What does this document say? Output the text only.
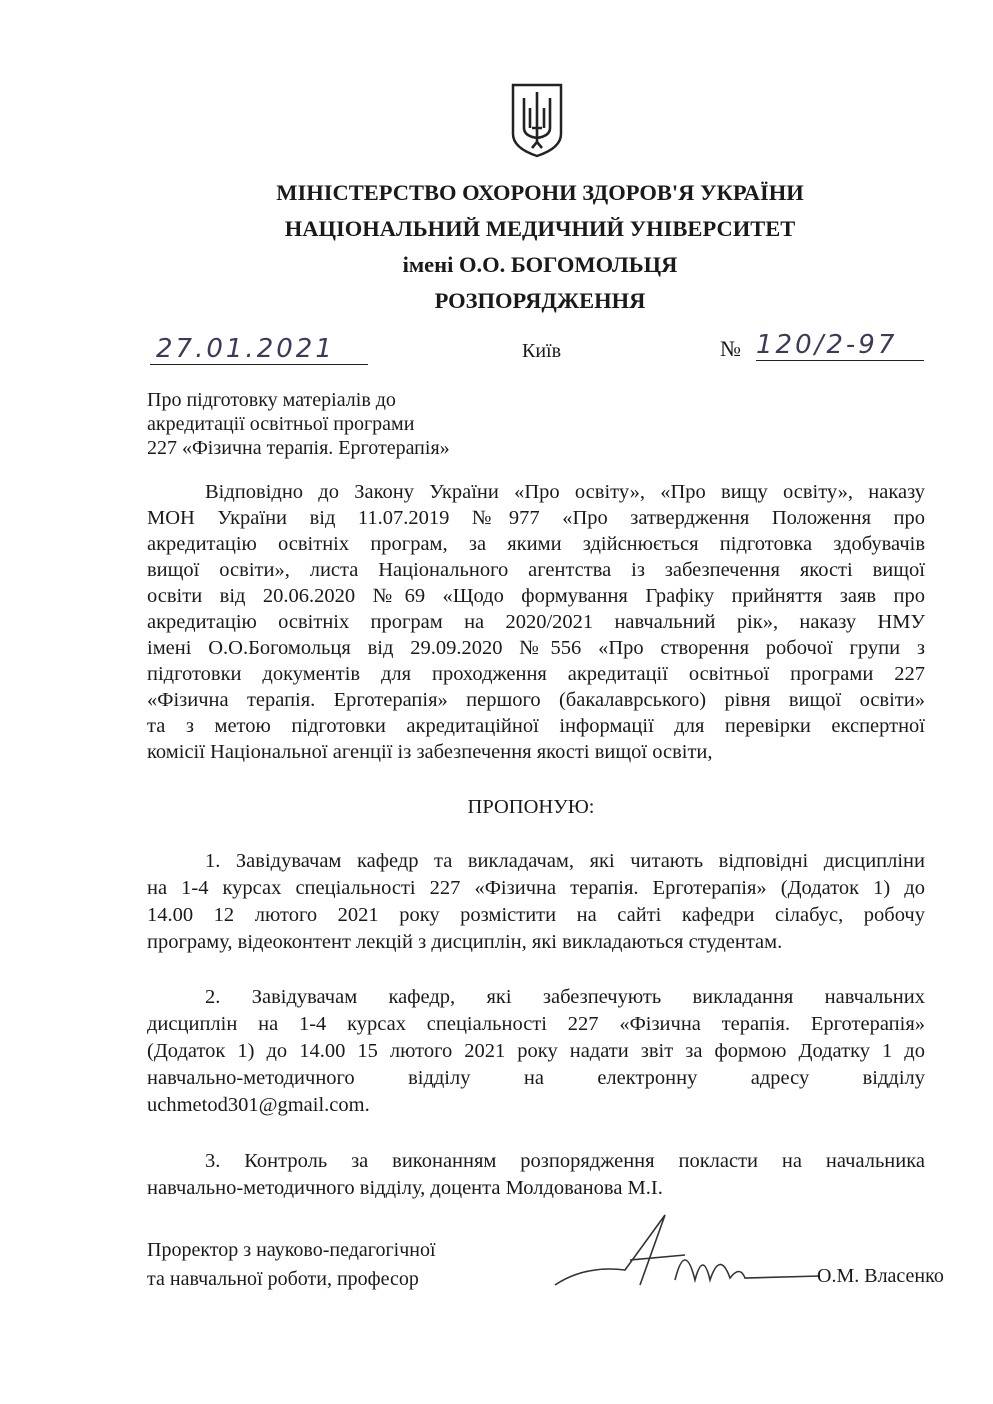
МІНІСТЕРСТВО ОХОРОНИ ЗДОРОВ'Я УКРАЇНИ
НАЦІОНАЛЬНИЙ МЕДИЧНИЙ УНІВЕРСИТЕТ
імені О.О. БОГОМОЛЬЦЯ
РОЗПОРЯДЖЕННЯ
27.01.2021	Київ	№ 120/2-97
Про підготовку матеріалів до
акредитації освітньої програми
227 «Фізична терапія. Ерготерапія»
Відповідно до Закону України «Про освіту», «Про вищу освіту», наказу
МОН України від 11.07.2019 №977 «Про затвердження Положення про
акредитацію освітніх програм, за якими здійснюється підготовка здобувачів
вищої освіти», листа Національного агентства із забезпечення якості вищої
освіти від 20.06.2020 №69 «Щодо формування Графіку прийняття заяв про
акредитацію освітніх програм на 2020/2021 навчальний рік», наказу НМУ
імені О.О.Богомольця від 29.09.2020 №556 «Про створення робочої групи з
підготовки документів для проходження акредитації освітньої програми 227
«Фізична терапія. Ерготерапія» першого (бакалаврського) рівня вищої освіти»
та з метою підготовки акредитаційної інформації для перевірки експертної
комісії Національної агенції із забезпечення якості вищої освіти,
ПРОПОНУЮ:
1. Завідувачам кафедр та викладачам, які читають відповідні дисципліни
на 1-4 курсах спеціальності 227 «Фізична терапія. Ерготерапія» (Додаток 1) до
14.00 12 лютого 2021 року розмістити на сайті кафедри сілабус, робочу
програму, відеоконтент лекцій з дисциплін, які викладаються студентам.
2. Завідувачам кафедр, які забезпечують викладання навчальних
дисциплін на 1-4 курсах спеціальності 227 «Фізична терапія. Ерготерапія»
(Додаток 1) до 14.00 15 лютого 2021 року надати звіт за формою Додатку 1 до
навчально-методичного відділу на електронну адресу відділу
uchmetod301@gmail.com.
3. Контроль за виконанням розпорядження покласти на начальника
навчально-методичного відділу, доцента Молдованова М.І.
Проректор з науково-педагогічної
та навчальної роботи, професор	О.М. Власенко
